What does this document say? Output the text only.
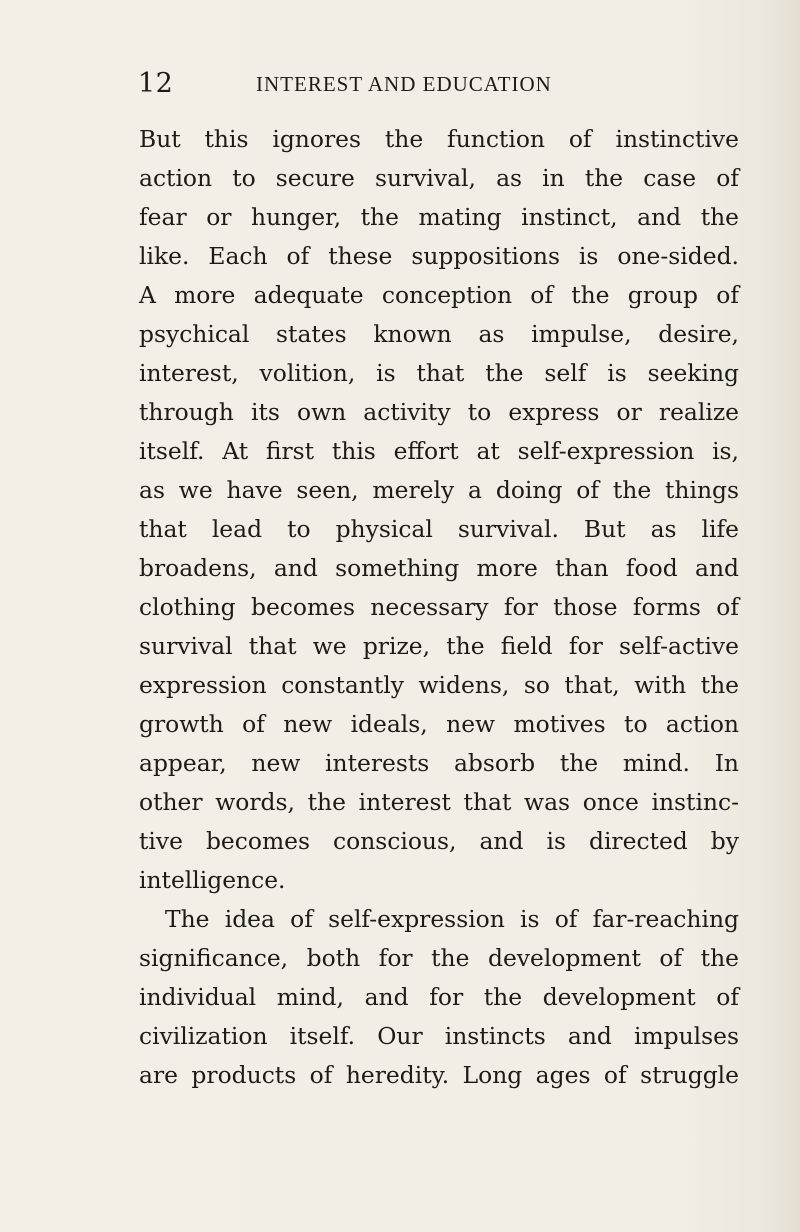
12	INTEREST AND EDUCATION
But this ignores the function of instinctive
action to secure survival, as in the case of
fear or hunger, the mating instinct, and the
like. Each of these suppositions is one-sided.
A more adequate conception of the group of
psychical states known as impulse, desire,
interest, volition, is that the self is seeking
through its own activity to express or realize
itself. At first this effort at self-expression is,
as we have seen, merely a doing of the things
that lead to physical survival. But as life
broadens, and something more than food and
clothing becomes necessary for those forms of
survival that we prize, the field for self-active
expression constantly widens, so that, with the
growth of new ideals, new motives to action
appear, new interests absorb the mind. In
other words, the interest that was once instinc-
tive becomes conscious, and is directed by
intelligence.
The idea of self-expression is of far-reaching
significance, both for the development of the
individual mind, and for the development of
civilization itself. Our instincts and impulses
are products of heredity. Long ages of struggle
